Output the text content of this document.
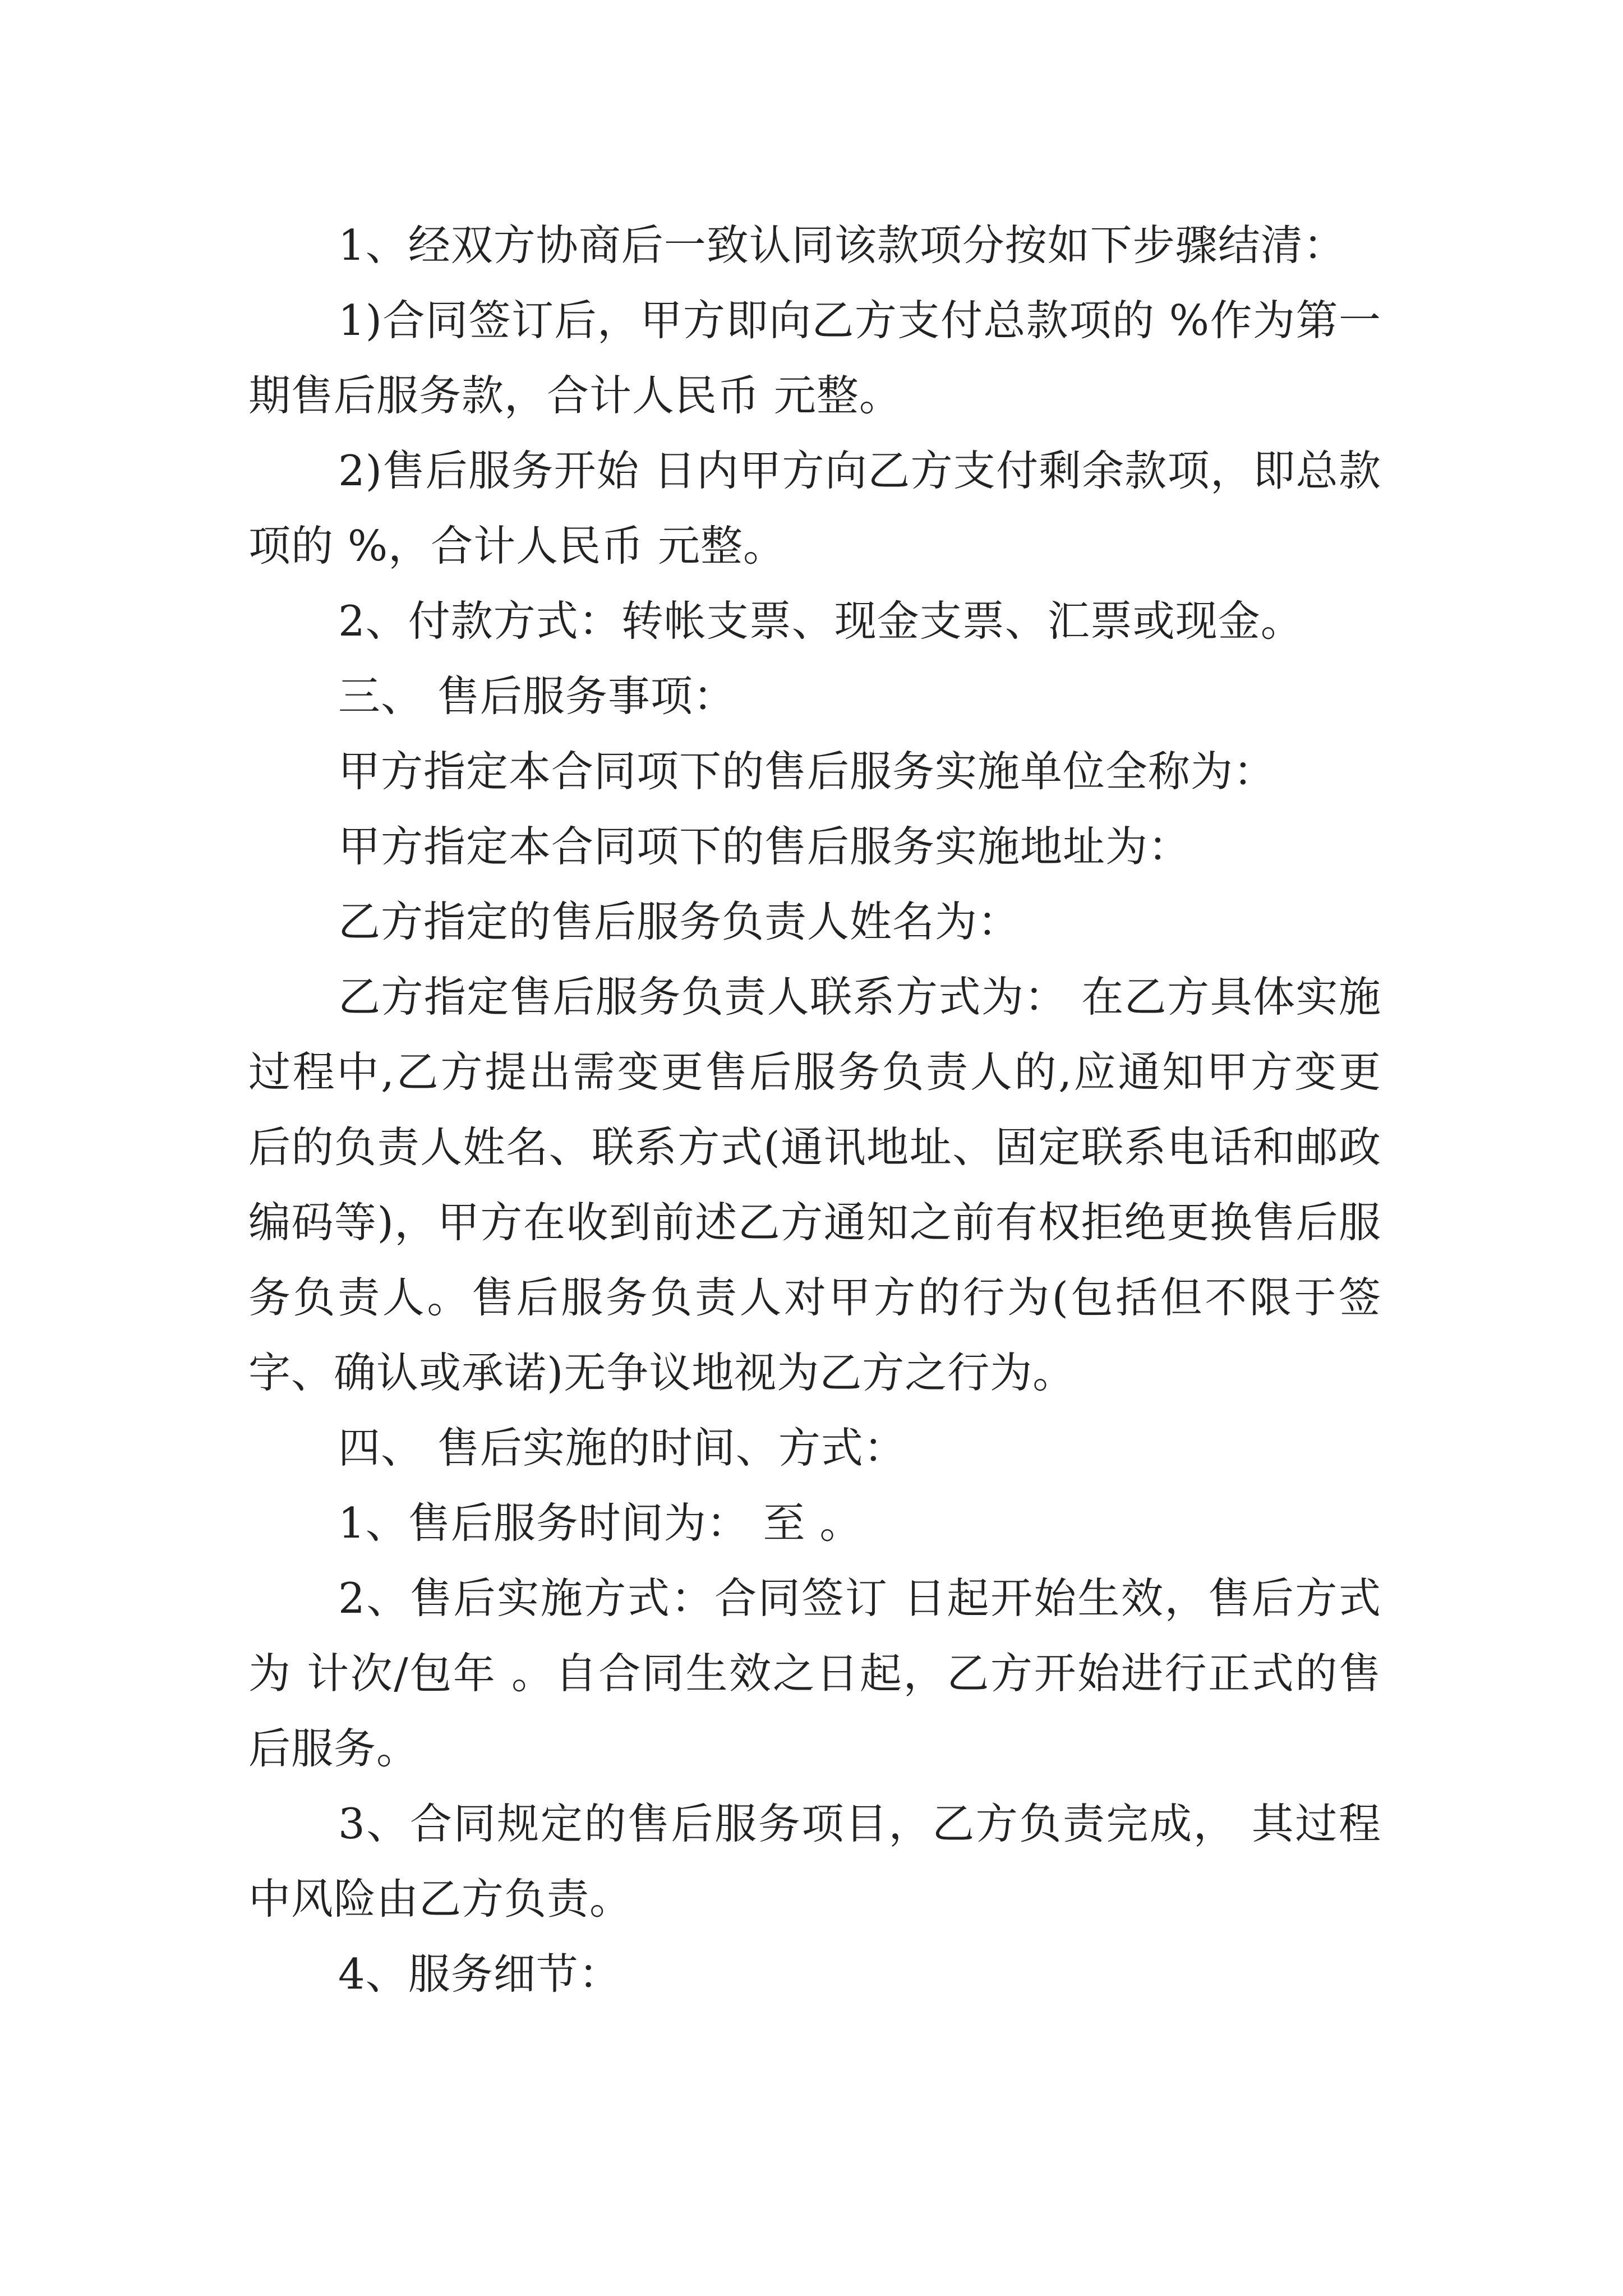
1、经双方协商后一致认同该款项分按如下步骤结清：

1)合同签订后，甲方即向乙方支付总款项的 %作为第一期售后服务款，合计人民币 元整。

2)售后服务开始 日内甲方向乙方支付剩余款项，即总款项的 %，合计人民币 元整。

2、付款方式：转帐支票、现金支票、汇票或现金。

三、 售后服务事项：

甲方指定本合同项下的售后服务实施单位全称为：

甲方指定本合同项下的售后服务实施地址为：

乙方指定的售后服务负责人姓名为：

乙方指定售后服务负责人联系方式为： 在乙方具体实施过程中,乙方提出需变更售后服务负责人的,应通知甲方变更后的负责人姓名、联系方式(通讯地址、固定联系电话和邮政编码等)，甲方在收到前述乙方通知之前有权拒绝更换售后服务负责人。售后服务负责人对甲方的行为(包括但不限于签字、确认或承诺)无争议地视为乙方之行为。

四、 售后实施的时间、方式：

1、售后服务时间为： 至 。

2、售后实施方式：合同签订 日起开始生效，售后方式为 计次/包年 。自合同生效之日起，乙方开始进行正式的售后服务。

3、合同规定的售后服务项目，乙方负责完成， 其过程中风险由乙方负责。

4、服务细节：
